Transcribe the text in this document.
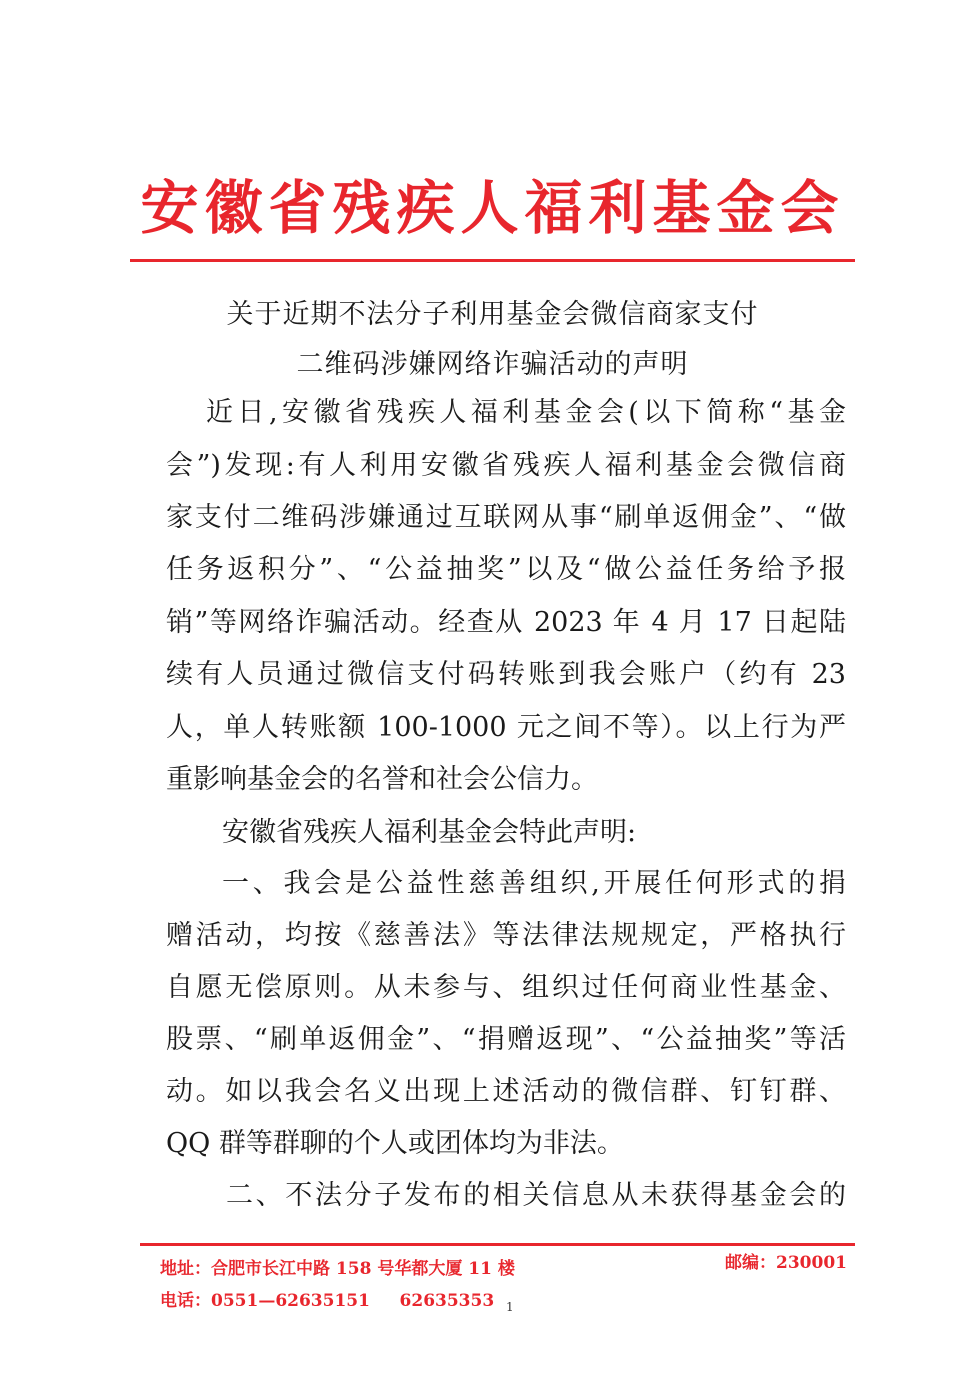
安徽省残疾人福利基金会
关于近期不法分子利用基金会微信商家支付
二维码涉嫌网络诈骗活动的声明
近日,安徽省残疾人福利基金会(以下简称“基金
会”)发现:有人利用安徽省残疾人福利基金会微信商
家支付二维码涉嫌通过互联网从事“刷单返佣金”、“做
任务返积分”、“公益抽奖”以及“做公益任务给予报
销”等网络诈骗活动。经查从 2023 年 4 月 17 日起陆
续有人员通过微信支付码转账到我会账户（约有 23
人，单人转账额 100-1000 元之间不等）。以上行为严
重影响基金会的名誉和社会公信力。
安徽省残疾人福利基金会特此声明:
一、我会是公益性慈善组织,开展任何形式的捐
赠活动，均按《慈善法》等法律法规规定，严格执行
自愿无偿原则。从未参与、组织过任何商业性基金、
股票、“刷单返佣金”、“捐赠返现”、“公益抽奖”等活
动。如以我会名义出现上述活动的微信群、钉钉群、
QQ 群等群聊的个人或团体均为非法。
二、不法分子发布的相关信息从未获得基金会的
地址：合肥市长江中路 158 号华都大厦 11 楼	邮编：230001
电话：0551—62635151     62635353 1
